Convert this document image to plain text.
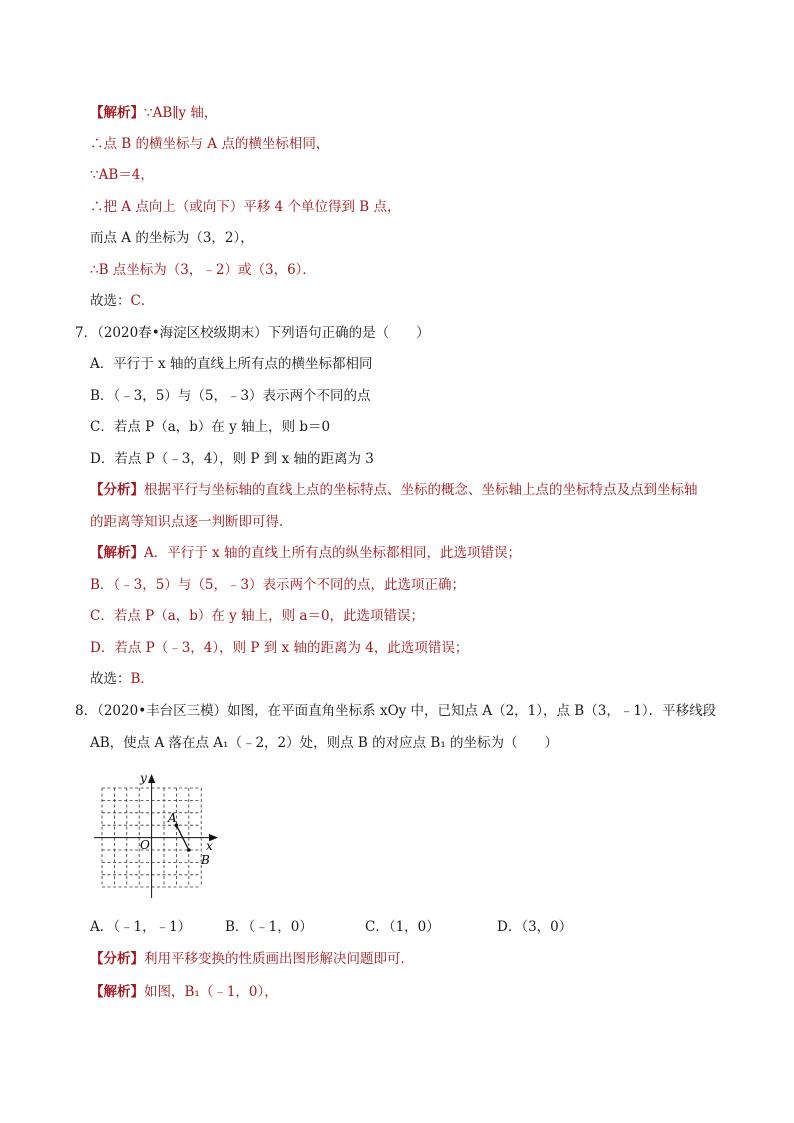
【解析】∵AB∥y 轴，
∴点 B 的横坐标与 A 点的横坐标相同，
∵AB＝4，
∴把 A 点向上（或向下）平移 4 个单位得到 B 点，
而点 A 的坐标为（3，2），
∴B 点坐标为（3，﹣2）或（3，6）．
故选：C．
7．（2020春•海淀区校级期末）下列语句正确的是（　　）
A．平行于 x 轴的直线上所有点的横坐标都相同
B．（﹣3，5）与（5，﹣3）表示两个不同的点
C．若点 P（a，b）在 y 轴上，则 b＝0
D．若点 P（﹣3，4），则 P 到 x 轴的距离为 3
【分析】根据平行与坐标轴的直线上点的坐标特点、坐标的概念、坐标轴上点的坐标特点及点到坐标轴
的距离等知识点逐一判断即可得．
【解析】A．平行于 x 轴的直线上所有点的纵坐标都相同，此选项错误；
B．（﹣3，5）与（5，﹣3）表示两个不同的点，此选项正确；
C．若点 P（a，b）在 y 轴上，则 a＝0，此选项错误；
D．若点 P（﹣3，4），则 P 到 x 轴的距离为 4，此选项错误；
故选：B．
8．（2020•丰台区三模）如图，在平面直角坐标系 xOy 中，已知点 A（2，1），点 B（3，﹣1）．平移线段
AB，使点 A 落在点 A₁（﹣2，2）处，则点 B 的对应点 B₁ 的坐标为（　　）
y
x
O
A
B
A．（﹣1，﹣1）	B．（﹣1，0）	C．（1，0）	D．（3，0）
【分析】利用平移变换的性质画出图形解决问题即可．
【解析】如图，B₁（﹣1，0），
